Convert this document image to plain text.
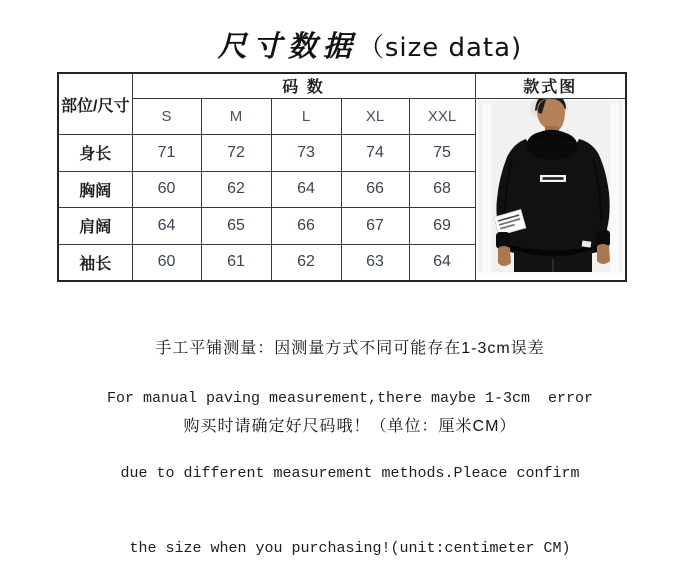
尺寸数据（size data)
部位/尺寸	码 数					款式图
	S	M	L	XL	XXL	

身长	71	72	73	74	75	
胸阔	60	62	64	66	68	
肩阔	64	65	66	67	69	
袖长	60	61	62	63	64	

手工平铺测量：因测量方式不同可能存在1-3cm误差

购买时请确定好尺码哦！（单位：厘米CM）

For manual paving measurement,there maybe 1-3cm  error

due to different measurement methods.Pleace confirm

the size when you purchasing!(unit:centimeter CM)
